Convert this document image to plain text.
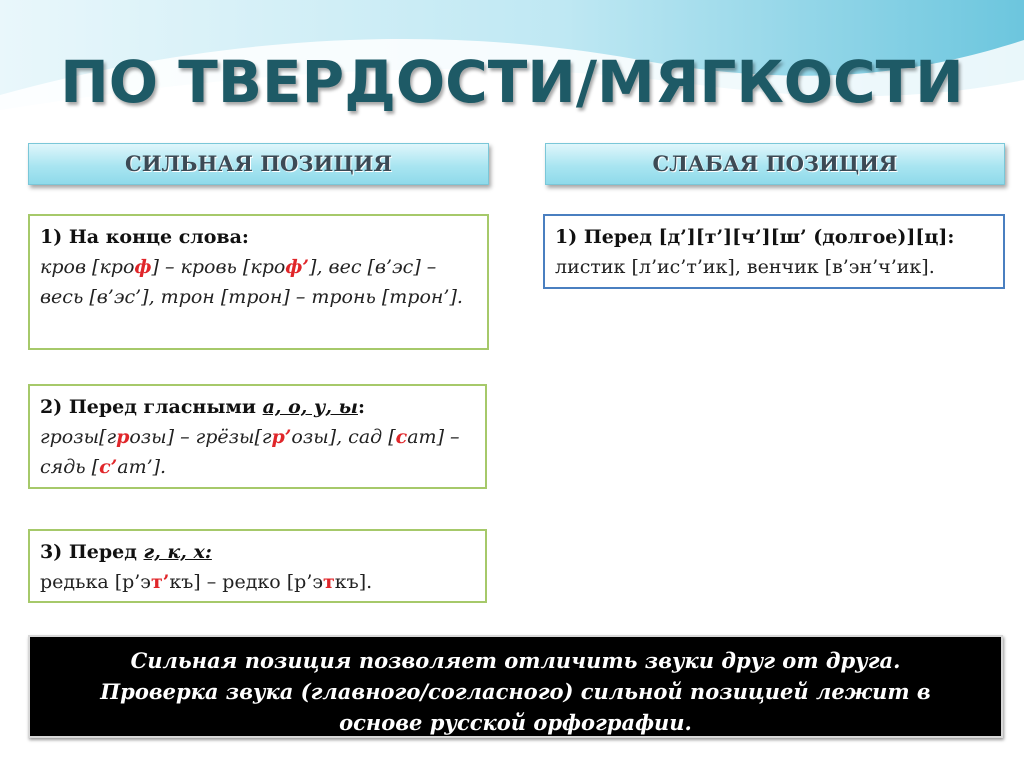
ПО ТВЕРДОСТИ/МЯГКОСТИ
СИЛЬНАЯ ПОЗИЦИЯ	СЛАБАЯ ПОЗИЦИЯ
1) На конце слова:
кров [кроф] – кровь [кроф’], вес [в’эс] – весь [в’эс’], трон [трон] – тронь [трон’].
2) Перед гласными а, о, у, ы:
грозы[грозы] – грёзы[гр’озы], сад [сат] – сядь [с’ат’].
3) Перед г, к, х:
редька [р’эт’къ] – редко [р’эткъ].
1) Перед [д’][т’][ч’][ш’ (долгое)][ц]:
листик [л’ис’т’ик], венчик [в’эн’ч’ик].
Сильная позиция позволяет отличить звуки друг от друга. Проверка звука (главного/согласного) сильной позицией лежит в основе русской орфографии.
